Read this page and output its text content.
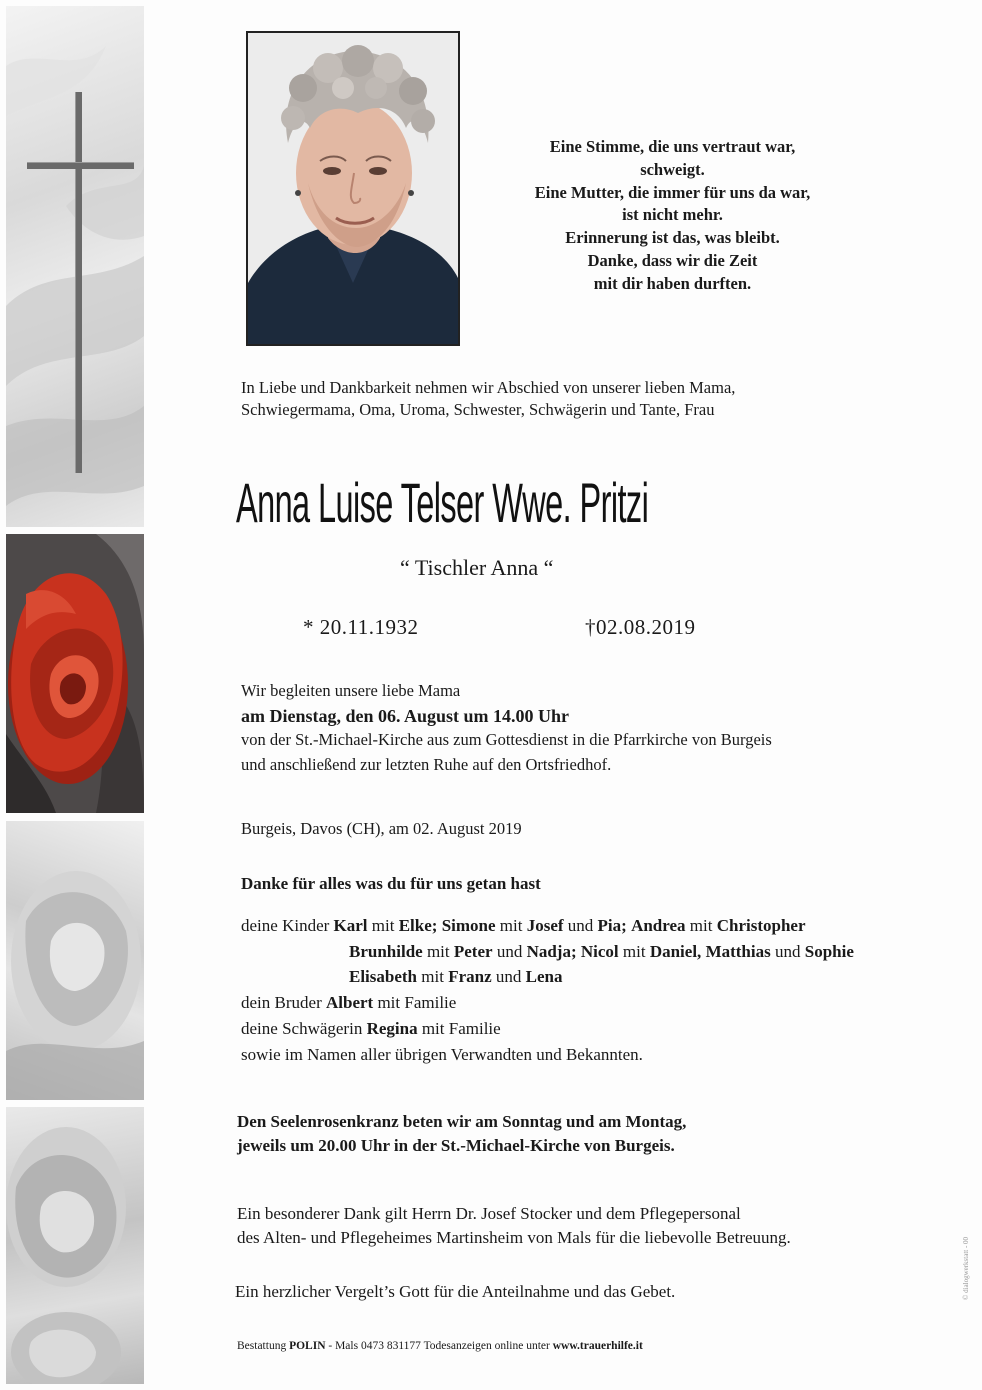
Eine Stimme, die uns vertraut war,
schweigt.
Eine Mutter, die immer für uns da war,
ist nicht mehr.
Erinnerung ist das, was bleibt.
Danke, dass wir die Zeit
mit dir haben durften.
In Liebe und Dankbarkeit nehmen wir Abschied von unserer lieben Mama,
Schwiegermama, Oma, Uroma, Schwester, Schwägerin und Tante, Frau
Anna Luise Telser Wwe. Pritzi
“ Tischler Anna “
* 20.11.1932	†02.08.2019
Wir begleiten unsere liebe Mama
am Dienstag, den 06. August um 14.00 Uhr
von der St.-Michael-Kirche aus zum Gottesdienst in die Pfarrkirche von Burgeis
und anschließend zur letzten Ruhe auf den Ortsfriedhof.
Burgeis, Davos (CH), am 02. August 2019
Danke für alles was du für uns getan hast
deine Kinder Karl mit Elke; Simone mit Josef und Pia; Andrea mit Christopher
Brunhilde mit Peter und Nadja; Nicol mit Daniel, Matthias und Sophie
Elisabeth mit Franz und Lena
dein Bruder Albert mit Familie
deine Schwägerin Regina mit Familie
sowie im Namen aller übrigen Verwandten und Bekannten.
Den Seelenrosenkranz beten wir am Sonntag und am Montag,
jeweils um 20.00 Uhr in der St.-Michael-Kirche von Burgeis.
Ein besonderer Dank gilt Herrn Dr. Josef Stocker und dem Pflegepersonal
des Alten- und Pflegeheimes Martinsheim von Mals für die liebevolle Betreuung.
Ein herzlicher Vergelt’s Gott für die Anteilnahme und das Gebet.
Bestattung POLIN - Mals 0473 831177 Todesanzeigen online unter www.trauerhilfe.it
© dialogwerkstatt - 00
